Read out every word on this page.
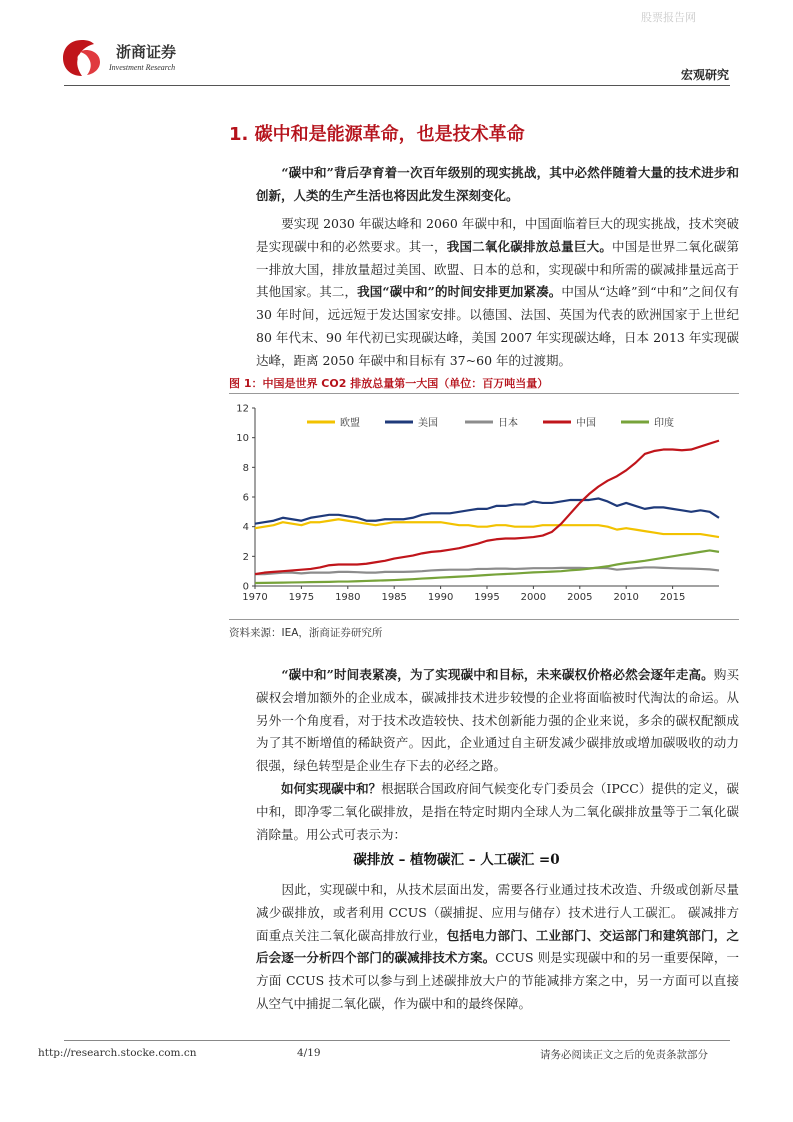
股票报告网
浙商证券
Investment Research
宏观研究
1. 碳中和是能源革命，也是技术革命

　　“碳中和”背后孕育着一次百年级别的现实挑战，其中必然伴随着大量的技术进步和创新，人类的生产生活也将因此发生深刻变化。

　　要实现 2030 年碳达峰和 2060 年碳中和，中国面临着巨大的现实挑战，技术突破是实现碳中和的必然要求。其一，我国二氧化碳排放总量巨大。中国是世界二氧化碳第一排放大国，排放量超过美国、欧盟、日本的总和，实现碳中和所需的碳减排量远高于其他国家。其二，我国“碳中和”的时间安排更加紧凑。中国从“达峰”到“中和”之间仅有 30 年时间，远远短于发达国家安排。以德国、法国、英国为代表的欧洲国家于上世纪 80 年代末、90 年代初已实现碳达峰，美国 2007 年实现碳达峰，日本 2013 年实现碳达峰，距离 2050 年碳中和目标有 37~60 年的过渡期。

图 1：中国是世界 CO2 排放总量第一大国（单位：百万吨当量）
0
2
4
6
8
10
12
1970 1975 1980 1985 1990 1995 2000 2005 2010 2015
欧盟	美国	日本	中国	印度
资料来源：IEA，浙商证券研究所

　　“碳中和”时间表紧凑，为了实现碳中和目标，未来碳权价格必然会逐年走高。购买碳权会增加额外的企业成本，碳减排技术进步较慢的企业将面临被时代淘汰的命运。从另外一个角度看，对于技术改造较快、技术创新能力强的企业来说，多余的碳权配额成为了其不断增值的稀缺资产。因此，企业通过自主研发减少碳排放或增加碳吸收的动力很强，绿色转型是企业生存下去的必经之路。

　　如何实现碳中和？根据联合国政府间气候变化专门委员会（IPCC）提供的定义，碳中和，即净零二氧化碳排放，是指在特定时期内全球人为二氧化碳排放量等于二氧化碳消除量。用公式可表示为：

碳排放 – 植物碳汇 – 人工碳汇 =0

　　因此，实现碳中和，从技术层面出发，需要各行业通过技术改造、升级或创新尽量减少碳排放，或者利用 CCUS（碳捕捉、应用与储存）技术进行人工碳汇。 碳减排方面重点关注二氧化碳高排放行业，包括电力部门、工业部门、交运部门和建筑部门，之后会逐一分析四个部门的碳减排技术方案。CCUS 则是实现碳中和的另一重要保障，一方面 CCUS 技术可以参与到上述碳排放大户的节能减排方案之中，另一方面可以直接从空气中捕捉二氧化碳，作为碳中和的最终保障。

http://research.stocke.com.cn	4/19	请务必阅读正文之后的免责条款部分
